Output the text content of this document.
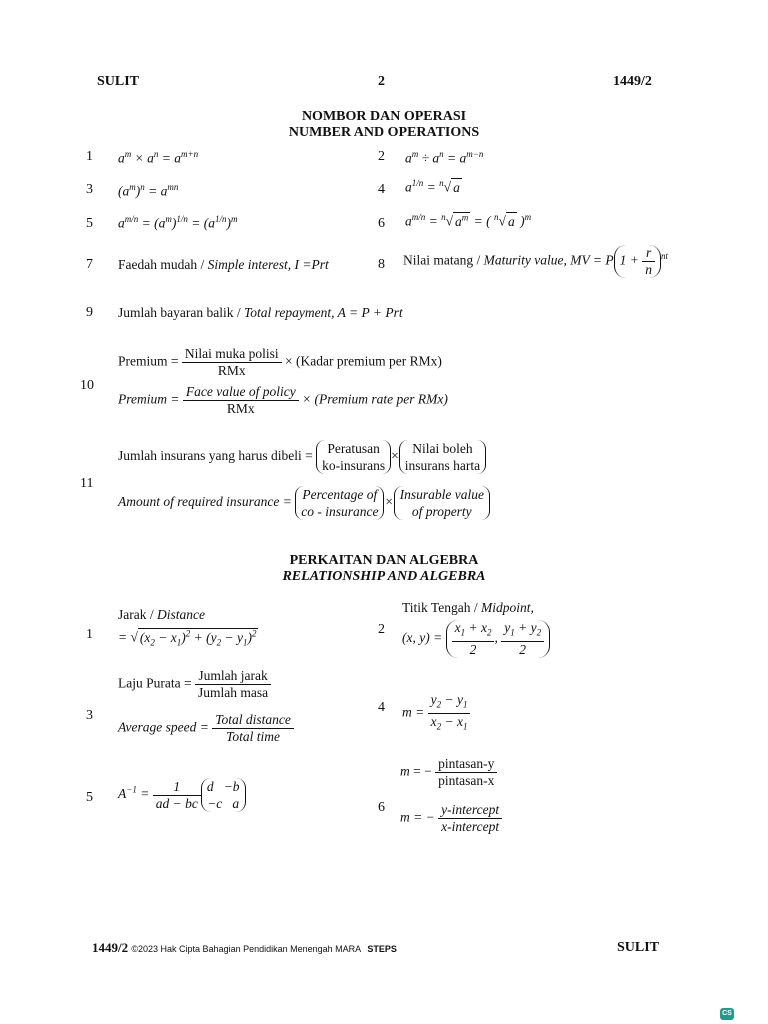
SULIT	2	1449/2
NOMBOR DAN OPERASI
NUMBER AND OPERATIONS
1 $a^m \times a^n = a^{m+n}$	2 $a^m \div a^n = a^{m-n}$
3 $(a^m)^n = a^{mn}$	4 $a^{1/n} = ^n√$ a
5 $a^{m/n} = (a^m)^{1/n} = (a^{1/n})^m$	6 $a^{m/n} = ^n√$ $a^m$ = ( $^n$√ a )$^m$
7 Faedah mudah / Simple interest, I =Prt	8 Nilai matang / Maturity value, MV = P $1 + \frac{r}{n} ^{nt}$
9 Jumlah bayaran balik / Total repayment, A = P + Prt
10
Premium = $\frac{\text{Nilai muka polisi}}{\text{RMx}}$ × (Kadar premium per RMx)
Premium = $\frac{\text{Face value of policy}}{\text{RMx}}$ × (Premium rate per RMx)
11
Jumlah insurans yang harus dibeli =	Peratusan
ko-insurans
× Nilai boleh
insurans harta
Amount of required insurance = Percentage of
co - insurance
× Insurable value
of property
PERKAITAN DAN ALGEBRA
RELATIONSHIP AND ALGEBRA
Jarak / Distance
1 = √ $(x_2 - x_1)^2 + (y_2 - y_1)^2$
Titik Tengah / Midpoint,
2
(x, $y) = \frac{x_1 + x_2}{2}$ , $\frac{y_1 + y_2}{2}$
3
Laju Purata = $\frac{\text{Jumlah jarak}}{\text{Jumlah masa}}$
Average speed = $\frac{\text{Total distance}}{\text{Total time}}$
4 $m = \frac{y_2 - y_1}{x_2 - x_1}$
5 $A^{-1} = \frac{1}{ad - bc}$ d   −b
−c   a	6
m = − $\frac{\text{pintasan-y}}{\text{pintasan-x}}$
m = − $\frac{\text{y-intercept}}{\text{x-intercept}}$
1449/2 ©2023 Hak Cipta Bahagian Pendidikan Menengah MARA STEPS	SULIT
CS
